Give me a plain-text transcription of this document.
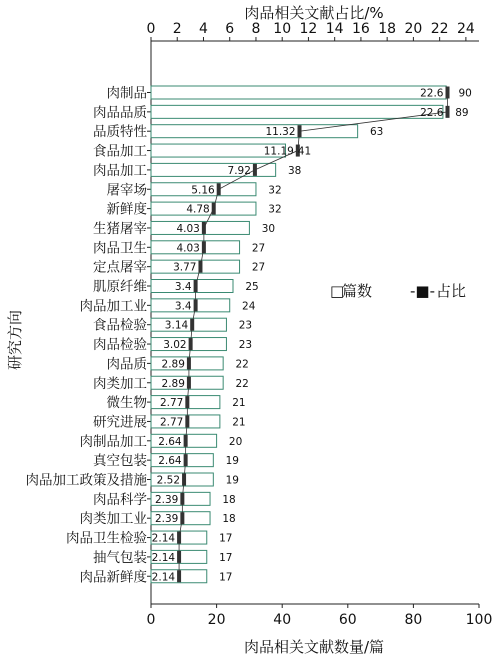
0 2 4 6 8 10 12 14 16 18 20 22 24
0	20	40	60	80	100
90
22.6
89
22.6
63
11.32
41
11.19
38
7.92
32
5.16
32
4.78
30
4.03
27
4.03
27
3.77
25
3.4
24
3.4
23
3.14
23
3.02
22
2.89
22
2.89
21
2.77
21
2.77
20
2.64
19
2.64
19
2.52
18
2.39
18
2.39
17
2.14
17
2.14
17
2.14
肉制品
肉品品质
品质特性
食品加工
肉品加工
屠宰场
新鲜度
生猪屠宰
肉品卫生
定点屠宰
肌原纤维
肉品加工业
食品检验
肉品检验
肉品质
肉类加工
微生物
研究进展
肉制品加工
真空包装
肉品加工政策及措施
肉品科学
肉类加工业
肉品卫生检验
抽气包装
肉品新鲜度
肉品相关文献占比/%
肉品相关文献数量/篇
研究方向
□
篇数	-■- 占比
